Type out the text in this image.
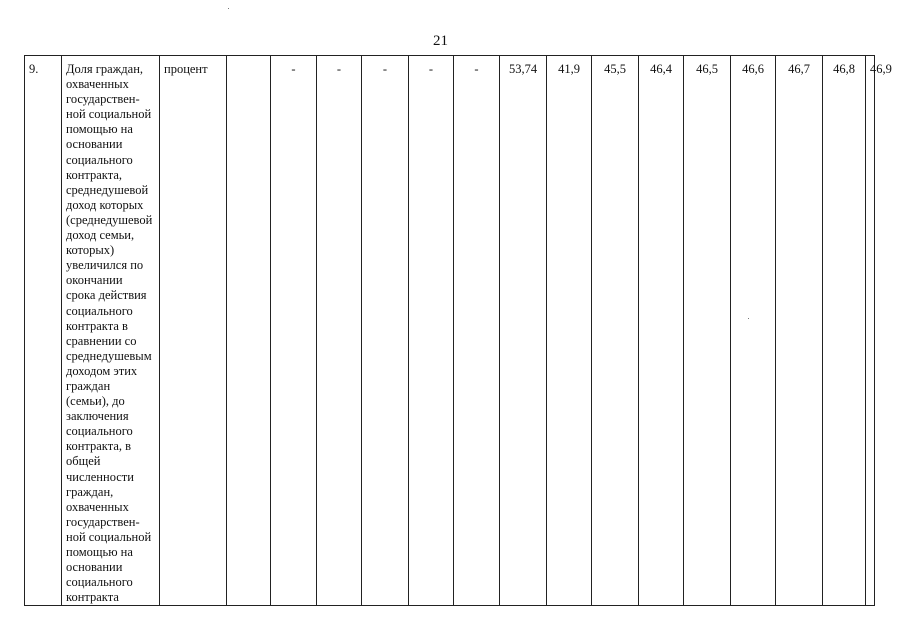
21
9.	Доля граждан,
охваченных
государствен-
ной социальной
помощью на
основании
социального
контракта,
среднедушевой
доход которых
(среднедушевой
доход семьи,
которых)
увеличился по
окончании
срока действия
социального
контракта в
сравнении со
среднедушевым
доходом этих
граждан
(семьи), до
заключения
социального
контракта, в
общей
численности
граждан,
охваченных
государствен-
ной социальной
помощью на
основании
социального
контракта
	процент		-	-	-	-	-	53,74	41,9	45,5	46,4	46,5	46,6	46,7	46,8	46,9
